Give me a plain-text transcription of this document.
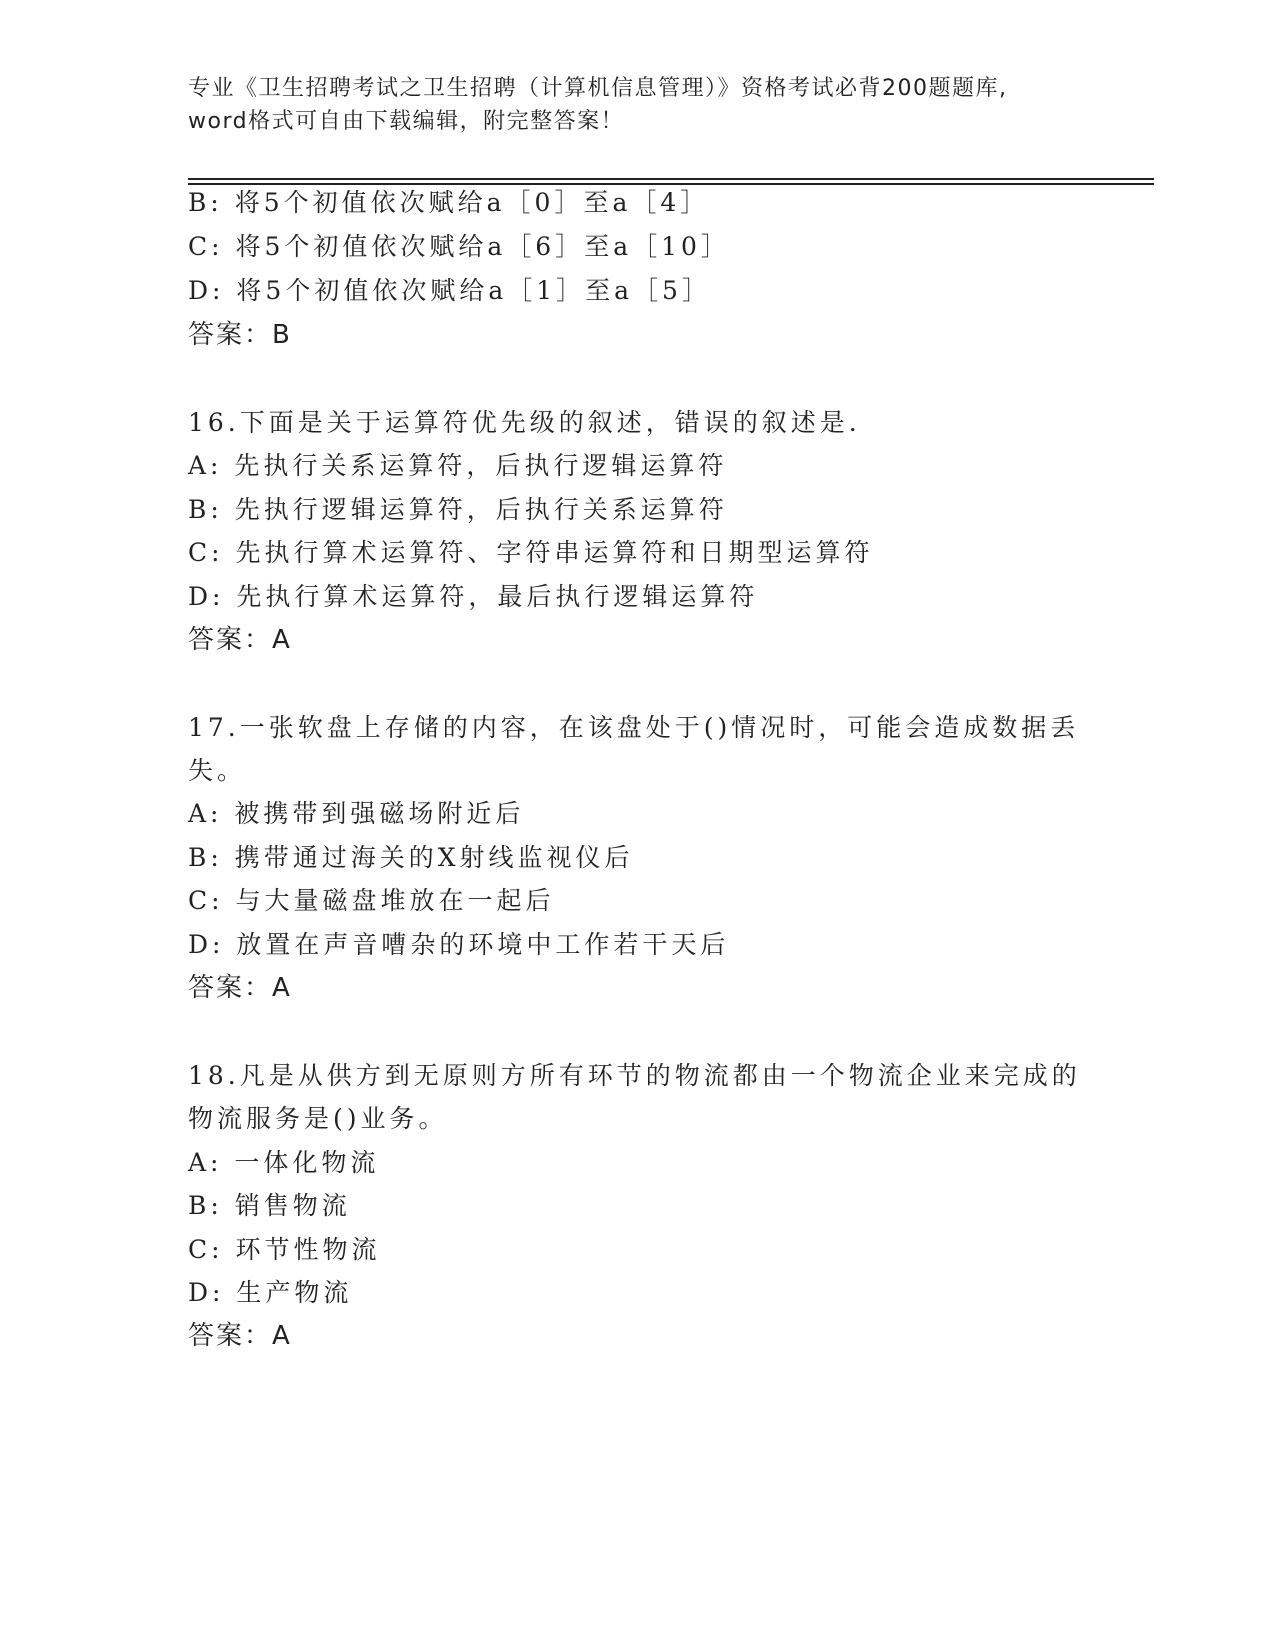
专业《卫生招聘考试之卫生招聘（计算机信息管理）》资格考试必背200题题库,
word格式可自由下载编辑，附完整答案！
B: 将5个初值依次赋给a［0］至a［4］
C: 将5个初值依次赋给a［6］至a［10］
D: 将5个初值依次赋给a［1］至a［5］
答案：B
16.下面是关于运算符优先级的叙述，错误的叙述是.
A: 先执行关系运算符，后执行逻辑运算符
B: 先执行逻辑运算符，后执行关系运算符
C: 先执行算术运算符、字符串运算符和日期型运算符
D: 先执行算术运算符，最后执行逻辑运算符
答案：A
17.一张软盘上存储的内容，在该盘处于()情况时，可能会造成数据丢
失。
A: 被携带到强磁场附近后
B: 携带通过海关的X射线监视仪后
C: 与大量磁盘堆放在一起后
D: 放置在声音嘈杂的环境中工作若干天后
答案：A
18.凡是从供方到无原则方所有环节的物流都由一个物流企业来完成的
物流服务是()业务。
A: 一体化物流
B: 销售物流
C: 环节性物流
D: 生产物流
答案：A
